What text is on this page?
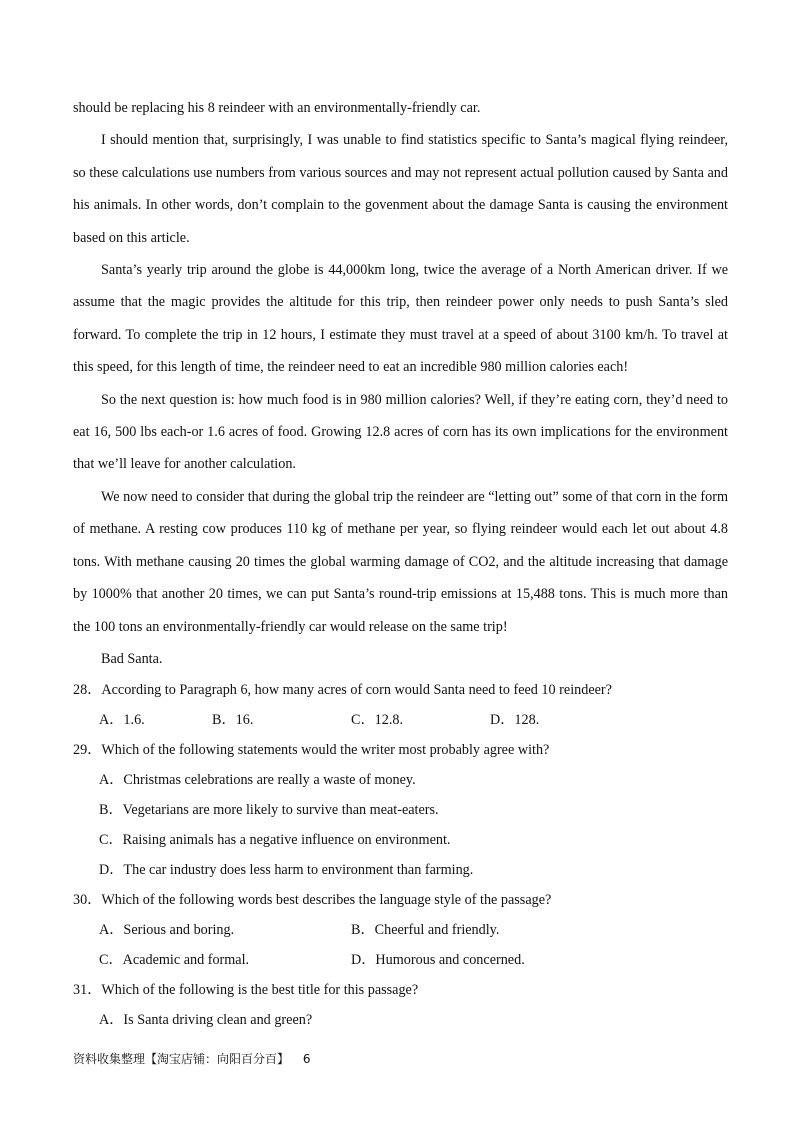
should be replacing his 8 reindeer with an environmentally-friendly car.

I should mention that, surprisingly, I was unable to find statistics specific to Santa’s magical flying reindeer, so these calculations use numbers from various sources and may not represent actual pollution caused by Santa and his animals. In other words, don’t complain to the govenment about the damage Santa is causing the environment based on this article.

Santa’s yearly trip around the globe is 44,000km long, twice the average of a North American driver. If we assume that the magic provides the altitude for this trip, then reindeer power only needs to push Santa’s sled forward. To complete the trip in 12 hours, I estimate they must travel at a speed of about 3100 km/h. To travel at this speed, for this length of time, the reindeer need to eat an incredible 980 million calories each!

So the next question is: how much food is in 980 million calories? Well, if they’re eating corn, they’d need to eat 16, 500 lbs each-or 1.6 acres of food. Growing 12.8 acres of corn has its own implications for the environment that we’ll leave for another calculation.

We now need to consider that during the global trip the reindeer are “letting out” some of that corn in the form of methane. A resting cow produces 110 kg of methane per year, so flying reindeer would each let out about 4.8 tons. With methane causing 20 times the global warming damage of CO2, and the altitude increasing that damage by 1000% that another 20 times, we can put Santa’s round-trip emissions at 15,488 tons. This is much more than the 100 tons an environmentally-friendly car would release on the same trip!

Bad Santa.

28．According to Paragraph 6, how many acres of corn would Santa need to feed 10 reindeer?

A．1.6.	B．16.	C．12.8.	D．128.

29．Which of the following statements would the writer most probably agree with?

A．Christmas celebrations are really a waste of money.
B．Vegetarians are more likely to survive than meat-eaters.
C．Raising animals has a negative influence on environment.
D．The car industry does less harm to environment than farming.

30．Which of the following words best describes the language style of the passage?

A．Serious and boring.	B．Cheerful and friendly.
C．Academic and formal.	D．Humorous and concerned.

31．Which of the following is the best title for this passage?

A．Is Santa driving clean and green?
资料收集整理【淘宝店铺：向阳百分百】 6
